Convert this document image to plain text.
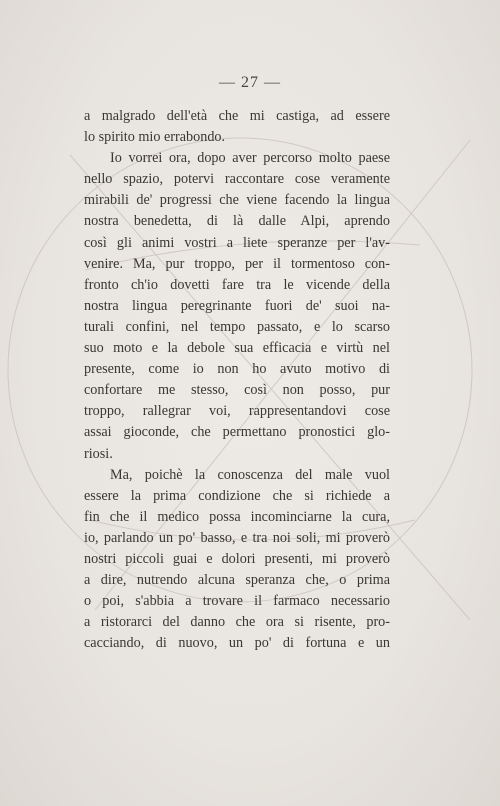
— 27 —
a malgrado dell'età che mi castiga, ad essere
lo spirito mio errabondo.
Io vorrei ora, dopo aver percorso molto paese
nello spazio, potervi raccontare cose veramente
mirabili de' progressi che viene facendo la lingua
nostra benedetta, di là dalle Alpi, aprendo
così gli animi vostri a liete speranze per l'av-
venire. Ma, pur troppo, per il tormentoso con-
fronto ch'io dovetti fare tra le vicende della
nostra lingua peregrinante fuori de' suoi na-
turali confini, nel tempo passato, e lo scarso
suo moto e la debole sua efficacia e virtù nel
presente, come io non ho avuto motivo di
confortare me stesso, così non posso, pur
troppo, rallegrar voi, rappresentandovi cose
assai gioconde, che permettano pronostici glo-
riosi.
Ma, poichè la conoscenza del male vuol
essere la prima condizione che si richiede a
fin che il medico possa incominciarne la cura,
io, parlando un po' basso, e tra noi soli, mi proverò
nostri piccoli guai e dolori presenti, mi proverò
a dire, nutrendo alcuna speranza che, o prima
o poi, s'abbia a trovare il farmaco necessario
a ristorarci del danno che ora si risente, pro-
cacciando, di nuovo, un po' di fortuna e un
